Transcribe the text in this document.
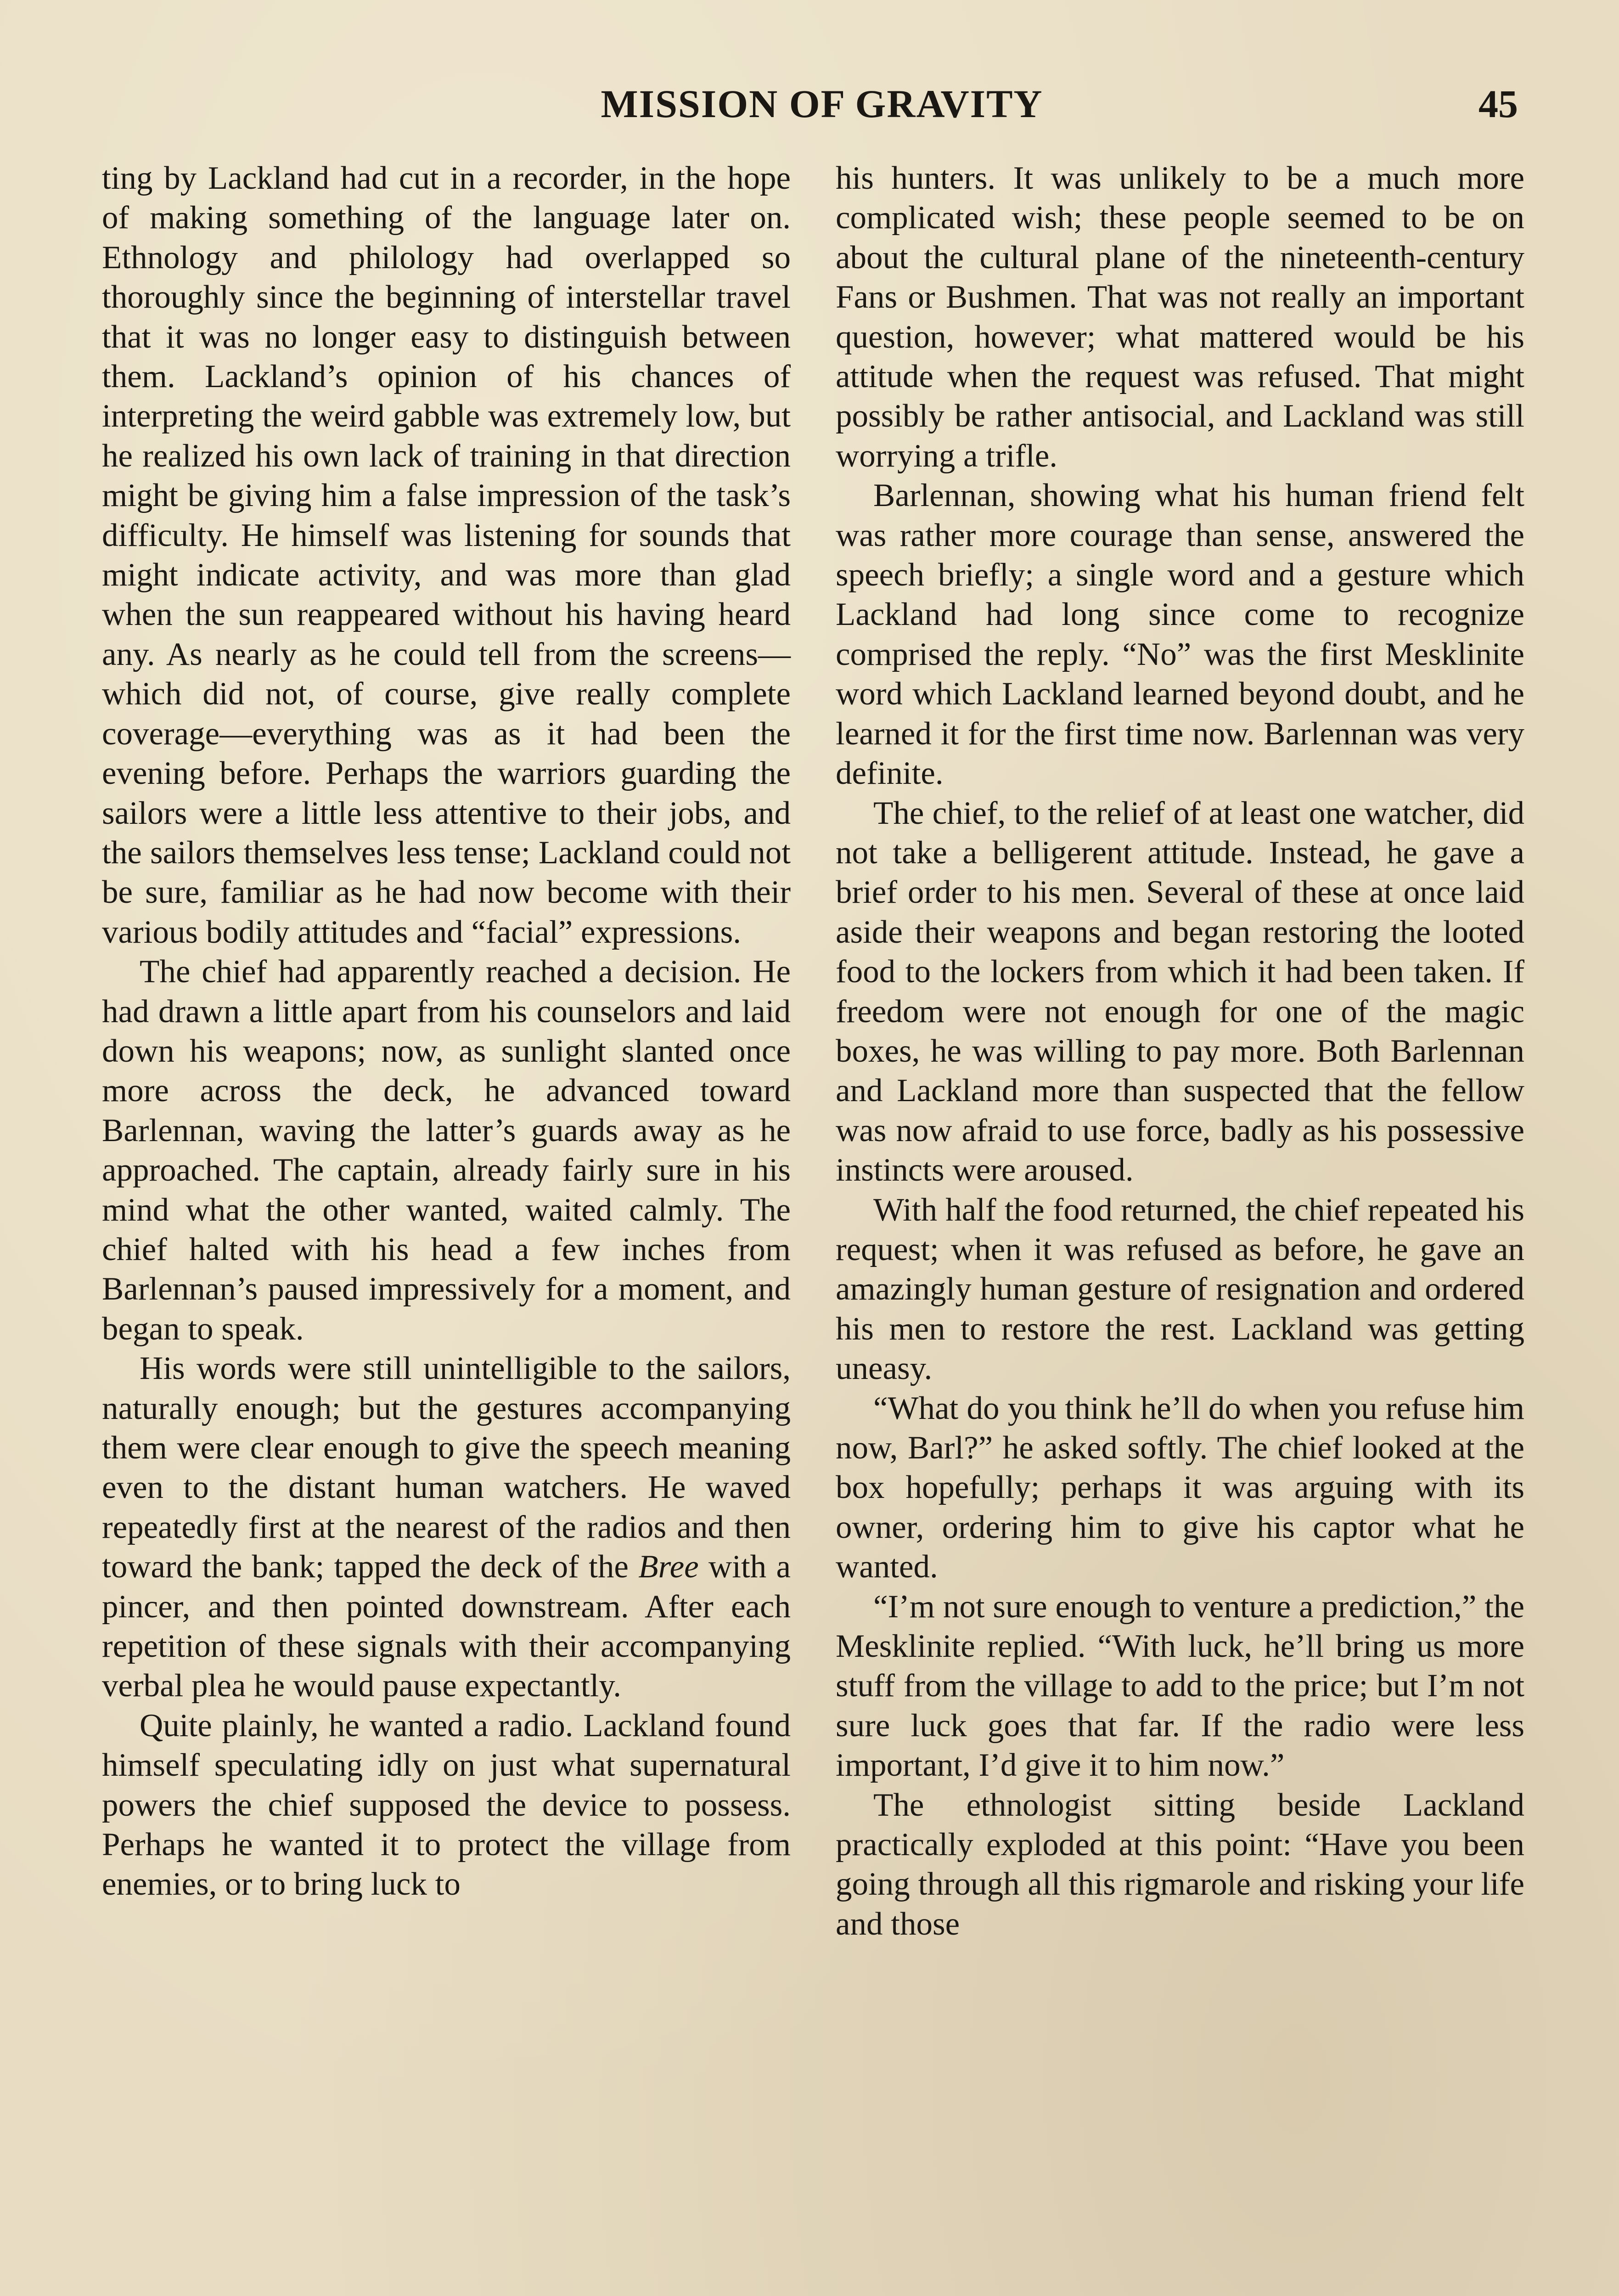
MISSION OF GRAVITY	45

ting by Lackland had cut in a recorder, in the hope of making something of the language later on. Ethnology and philology had overlapped so thoroughly since the beginning of interstellar travel that it was no longer easy to distinguish between them. Lackland’s opinion of his chances of interpreting the weird gabble was extremely low, but he realized his own lack of training in that direction might be giving him a false impression of the task’s difficulty. He himself was listening for sounds that might indicate activity, and was more than glad when the sun reappeared without his having heard any. As nearly as he could tell from the screens—which did not, of course, give really complete coverage—everything was as it had been the evening before. Perhaps the warriors guarding the sailors were a little less attentive to their jobs, and the sailors themselves less tense; Lackland could not be sure, familiar as he had now become with their various bodily attitudes and “facial” expressions.

The chief had apparently reached a decision. He had drawn a little apart from his counselors and laid down his weapons; now, as sunlight slanted once more across the deck, he advanced toward Barlennan, waving the latter’s guards away as he approached. The captain, already fairly sure in his mind what the other wanted, waited calmly. The chief halted with his head a few inches from Barlennan’s paused impressively for a moment, and began to speak.

His words were still unintelligible to the sailors, naturally enough; but the gestures accompanying them were clear enough to give the speech meaning even to the distant human watchers. He waved repeatedly first at the nearest of the radios and then toward the bank; tapped the deck of the Bree with a pincer, and then pointed downstream. After each repetition of these signals with their accompanying verbal plea he would pause expectantly.

Quite plainly, he wanted a radio. Lackland found himself speculating idly on just what supernatural powers the chief supposed the device to possess. Perhaps he wanted it to protect the village from enemies, or to bring luck to

his hunters. It was unlikely to be a much more complicated wish; these people seemed to be on about the cultural plane of the nineteenth-century Fans or Bushmen. That was not really an important question, however; what mattered would be his attitude when the request was refused. That might possibly be rather antisocial, and Lackland was still worrying a trifle.

Barlennan, showing what his human friend felt was rather more courage than sense, answered the speech briefly; a single word and a gesture which Lackland had long since come to recognize comprised the reply. “No” was the first Mesklinite word which Lackland learned beyond doubt, and he learned it for the first time now. Barlennan was very definite.

The chief, to the relief of at least one watcher, did not take a belligerent attitude. Instead, he gave a brief order to his men. Several of these at once laid aside their weapons and began restoring the looted food to the lockers from which it had been taken. If freedom were not enough for one of the magic boxes, he was willing to pay more. Both Barlennan and Lackland more than suspected that the fellow was now afraid to use force, badly as his possessive instincts were aroused.

With half the food returned, the chief repeated his request; when it was refused as before, he gave an amazingly human gesture of resignation and ordered his men to restore the rest. Lackland was getting uneasy.

“What do you think he’ll do when you refuse him now, Barl?” he asked softly. The chief looked at the box hopefully; perhaps it was arguing with its owner, ordering him to give his captor what he wanted.

“I’m not sure enough to venture a prediction,” the Mesklinite replied. “With luck, he’ll bring us more stuff from the village to add to the price; but I’m not sure luck goes that far. If the radio were less important, I’d give it to him now.”

The ethnologist sitting beside Lackland practically exploded at this point: “Have you been going through all this rigmarole and risking your life and those
